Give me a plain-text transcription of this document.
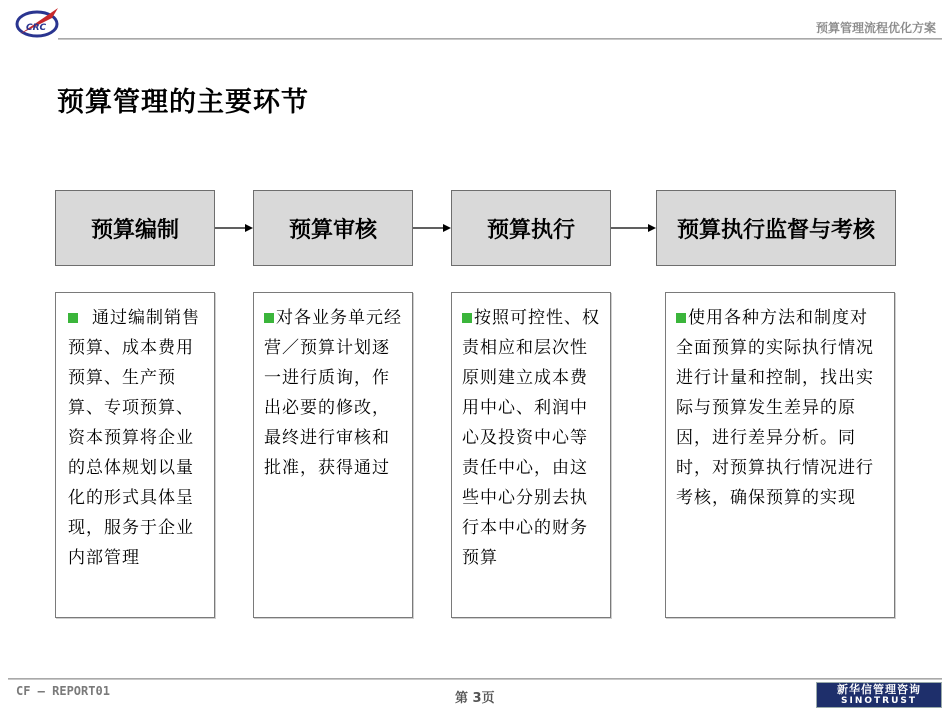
CRC	预算管理流程优化方案
预算管理的主要环节
预算编制	预算审核	预算执行	预算执行监督与考核
通过编制销售预算、成本费用预算、生产预算、专项预算、资本预算将企业的总体规划以量化的形式具体呈现，服务于企业内部管理
对各业务单元经营／预算计划逐一进行质询，作出必要的修改，最终进行审核和批准，获得通过
按照可控性、权责相应和层次性原则建立成本费用中心、利润中心及投资中心等责任中心，由这些中心分别去执行本中心的财务预算
使用各种方法和制度对全面预算的实际执行情况进行计量和控制，找出实际与预算发生差异的原因，进行差异分析。同时，对预算执行情况进行考核，确保预算的实现
CF — REPORT01	第 3页
新华信管理咨询
SINOTRUST
